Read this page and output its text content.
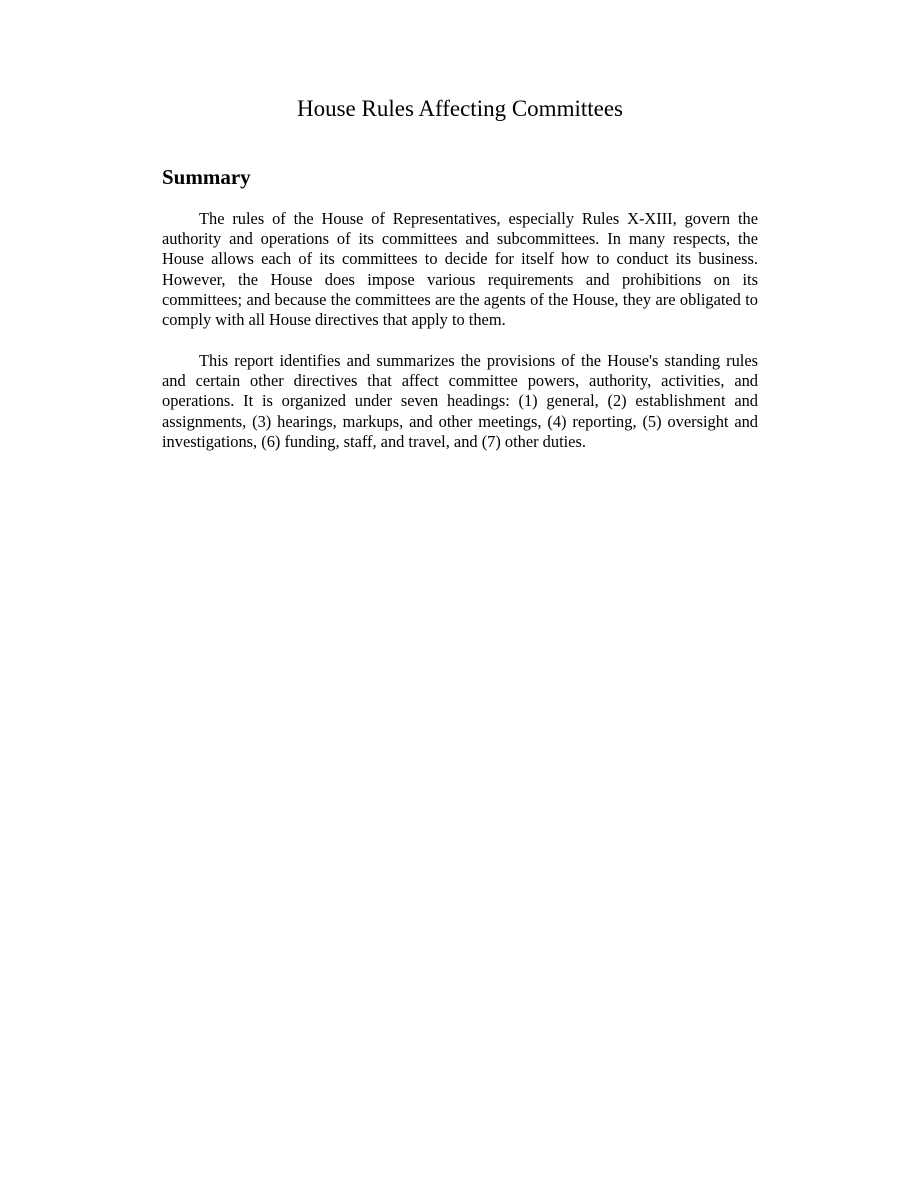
House Rules Affecting Committees
Summary

The rules of the House of Representatives, especially Rules X-XIII, govern the authority and operations of its committees and subcommittees. In many respects, the House allows each of its committees to decide for itself how to conduct its business. However, the House does impose various requirements and prohibitions on its committees; and because the committees are the agents of the House, they are obligated to comply with all House directives that apply to them.

This report identifies and summarizes the provisions of the House's standing rules and certain other directives that affect committee powers, authority, activities, and operations. It is organized under seven headings: (1) general, (2) establishment and assignments, (3) hearings, markups, and other meetings, (4) reporting, (5) oversight and investigations, (6) funding, staff, and travel, and (7) other duties.
